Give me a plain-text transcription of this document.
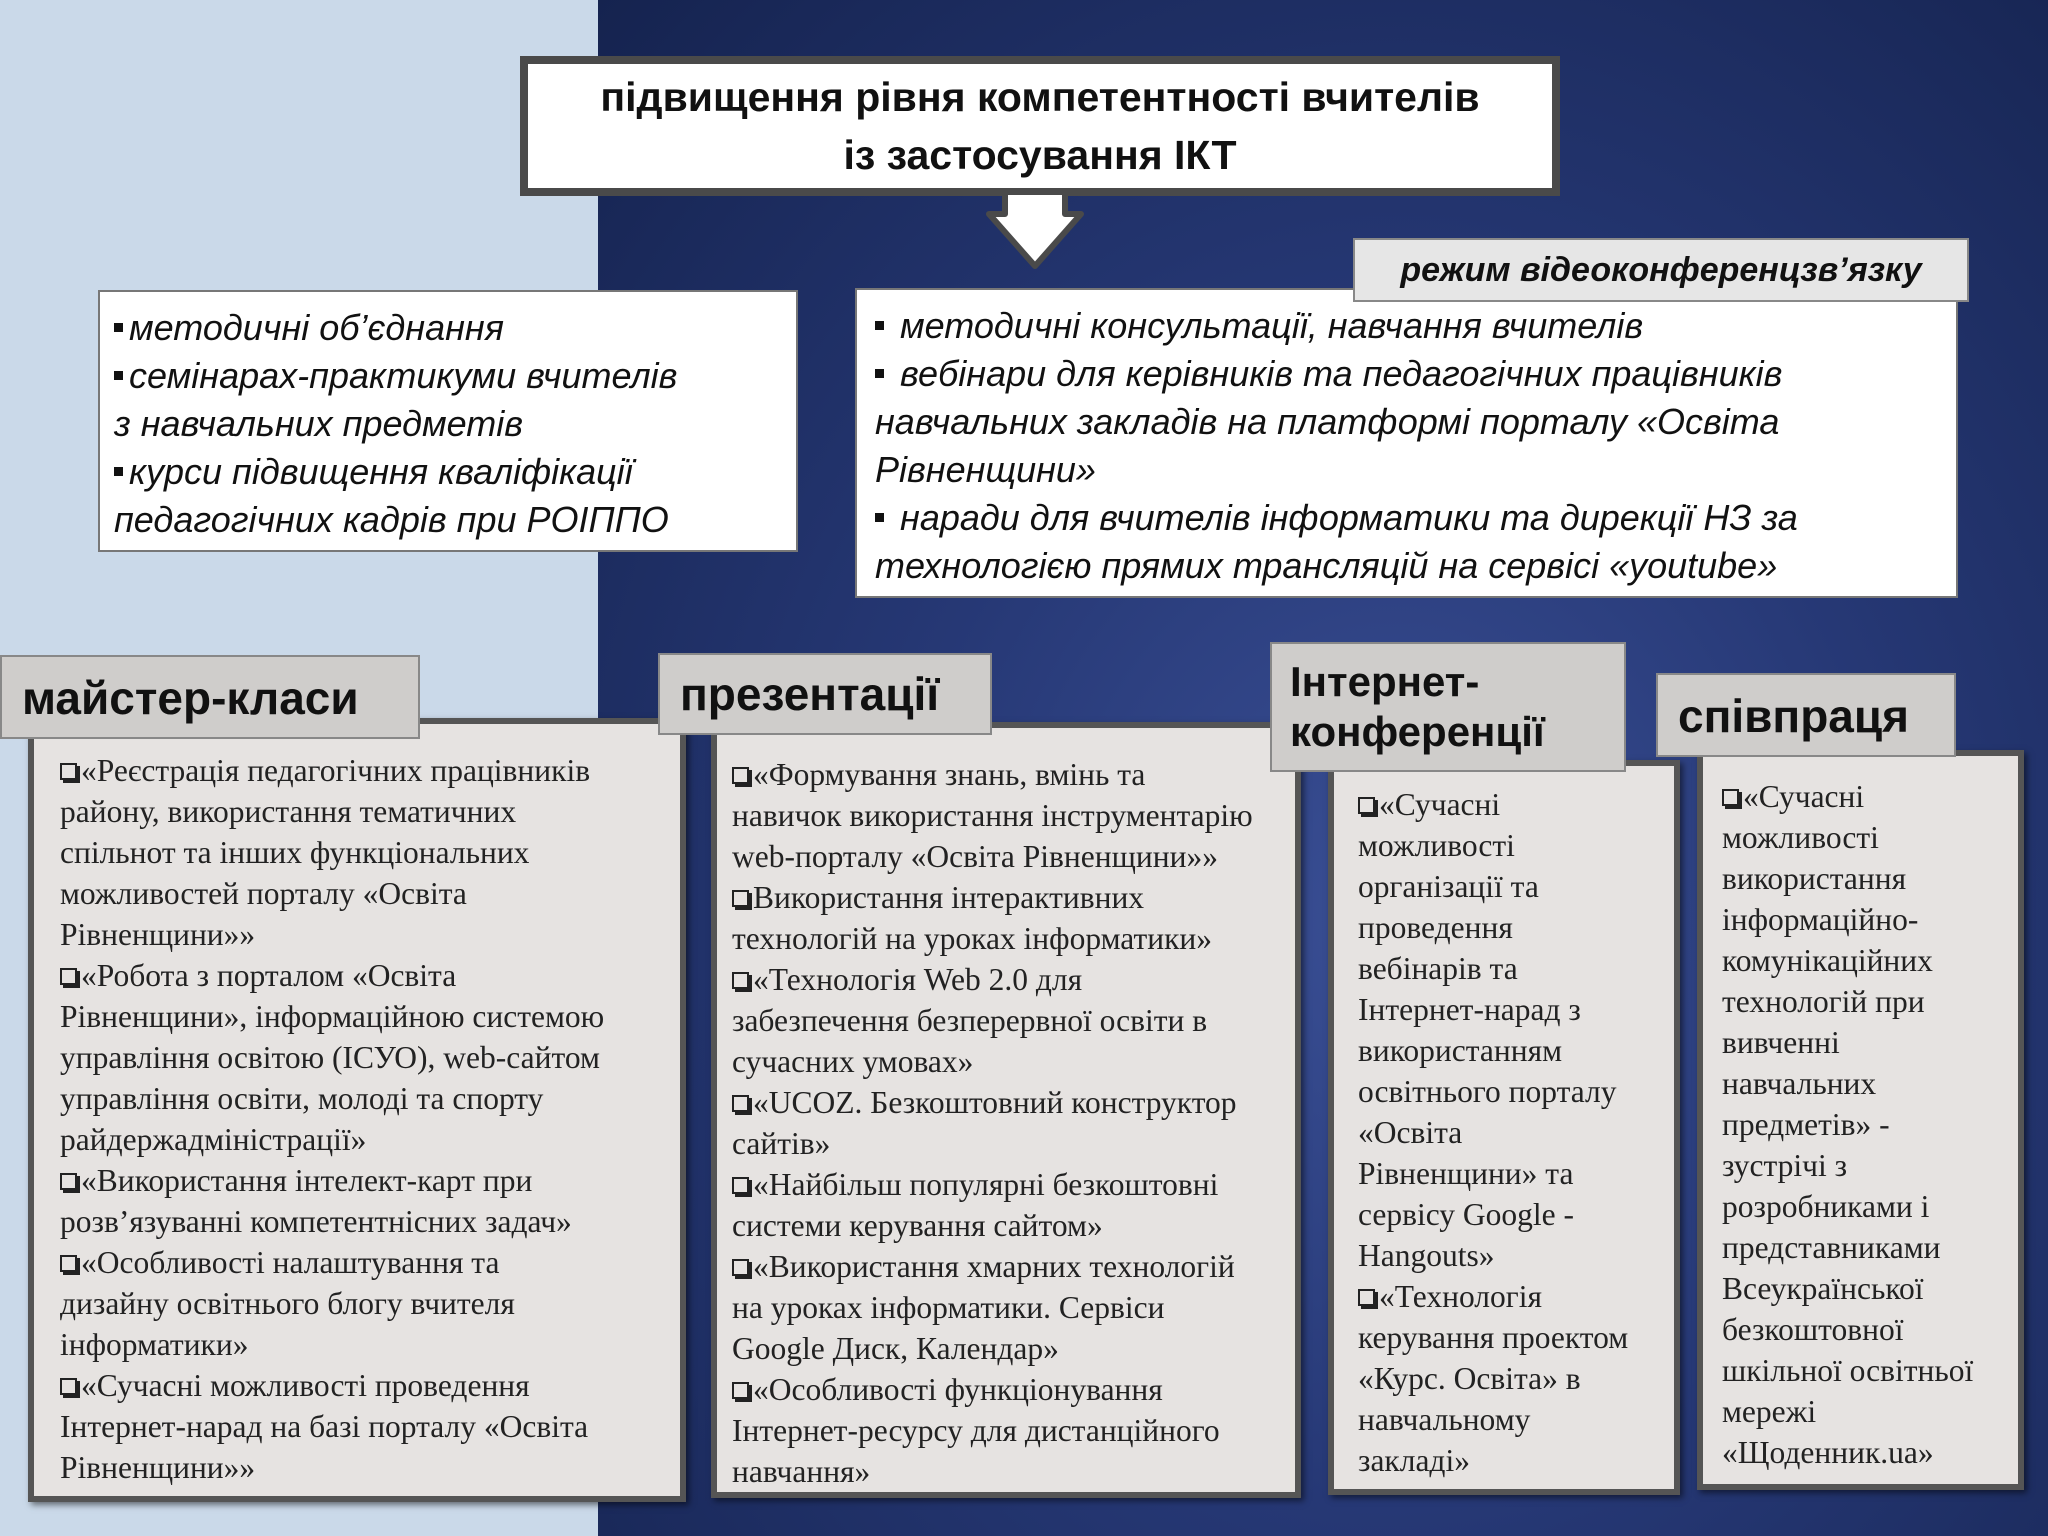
підвищення рівня компетентності вчителів
із застосування ІКТ
методичні об’єднання
семінарах-практикуми вчителів
з навчальних предметів
курси підвищення кваліфікації
педагогічних кадрів при РОІППО
режим відеоконференцзв’язку
методичні консультації, навчання вчителів
вебінари для керівників та педагогічних працівників
навчальних закладів на платформі порталу «Освіта
Рівненщини»
наради для вчителів інформатики та дирекції НЗ за
технологією прямих трансляцій на сервісі «youtube»
«Реєстрація педагогічних працівників
району, використання тематичних
спільнот та інших функціональних
можливостей порталу «Освіта
Рівненщини»»
«Робота з порталом «Освіта
Рівненщини», інформаційною системою
управління освітою (ІСУО), web-сайтом
управління освіти, молоді та спорту
райдержадміністрації»
«Використання інтелект-карт при
розв’язуванні компетентнісних задач»
«Особливості налаштування та
дизайну освітнього блогу вчителя
інформатики»
«Сучасні можливості проведення
Інтернет-нарад на базі порталу «Освіта
Рівненщини»»
«Формування знань, вмінь та
навичок використання інструментарію
web-порталу «Освіта Рівненщини»»
Використання інтерактивних
технологій на уроках інформатики»
«Технологія Web 2.0 для
забезпечення безперервної освіти в
сучасних умовах»
«UCOZ. Безкоштовний конструктор
сайтів»
«Найбільш популярні безкоштовні
системи керування сайтом»
«Використання хмарних технологій
на уроках інформатики. Сервіси
Google Диск, Календар»
«Особливості функціонування
Інтернет-ресурсу для дистанційного
навчання»
«Сучасні
можливості
організації та
проведення
вебінарів та
Інтернет-нарад з
використанням
освітнього порталу
«Освіта
Рівненщини» та
сервісу Google -
Hangouts»
«Технологія
керування проектом
«Курс. Освіта» в
навчальному
закладі»
«Сучасні
можливості
використання
інформаційно-
комунікаційних
технологій при
вивченні
навчальних
предметів» -
зустрічі з
розробниками і
представниками
Всеукраїнської
безкоштовної
шкільної освітньої
мережі
«Щоденник.ua»
майстер-класи	презентації	Інтернет-
конференції	співпраця
